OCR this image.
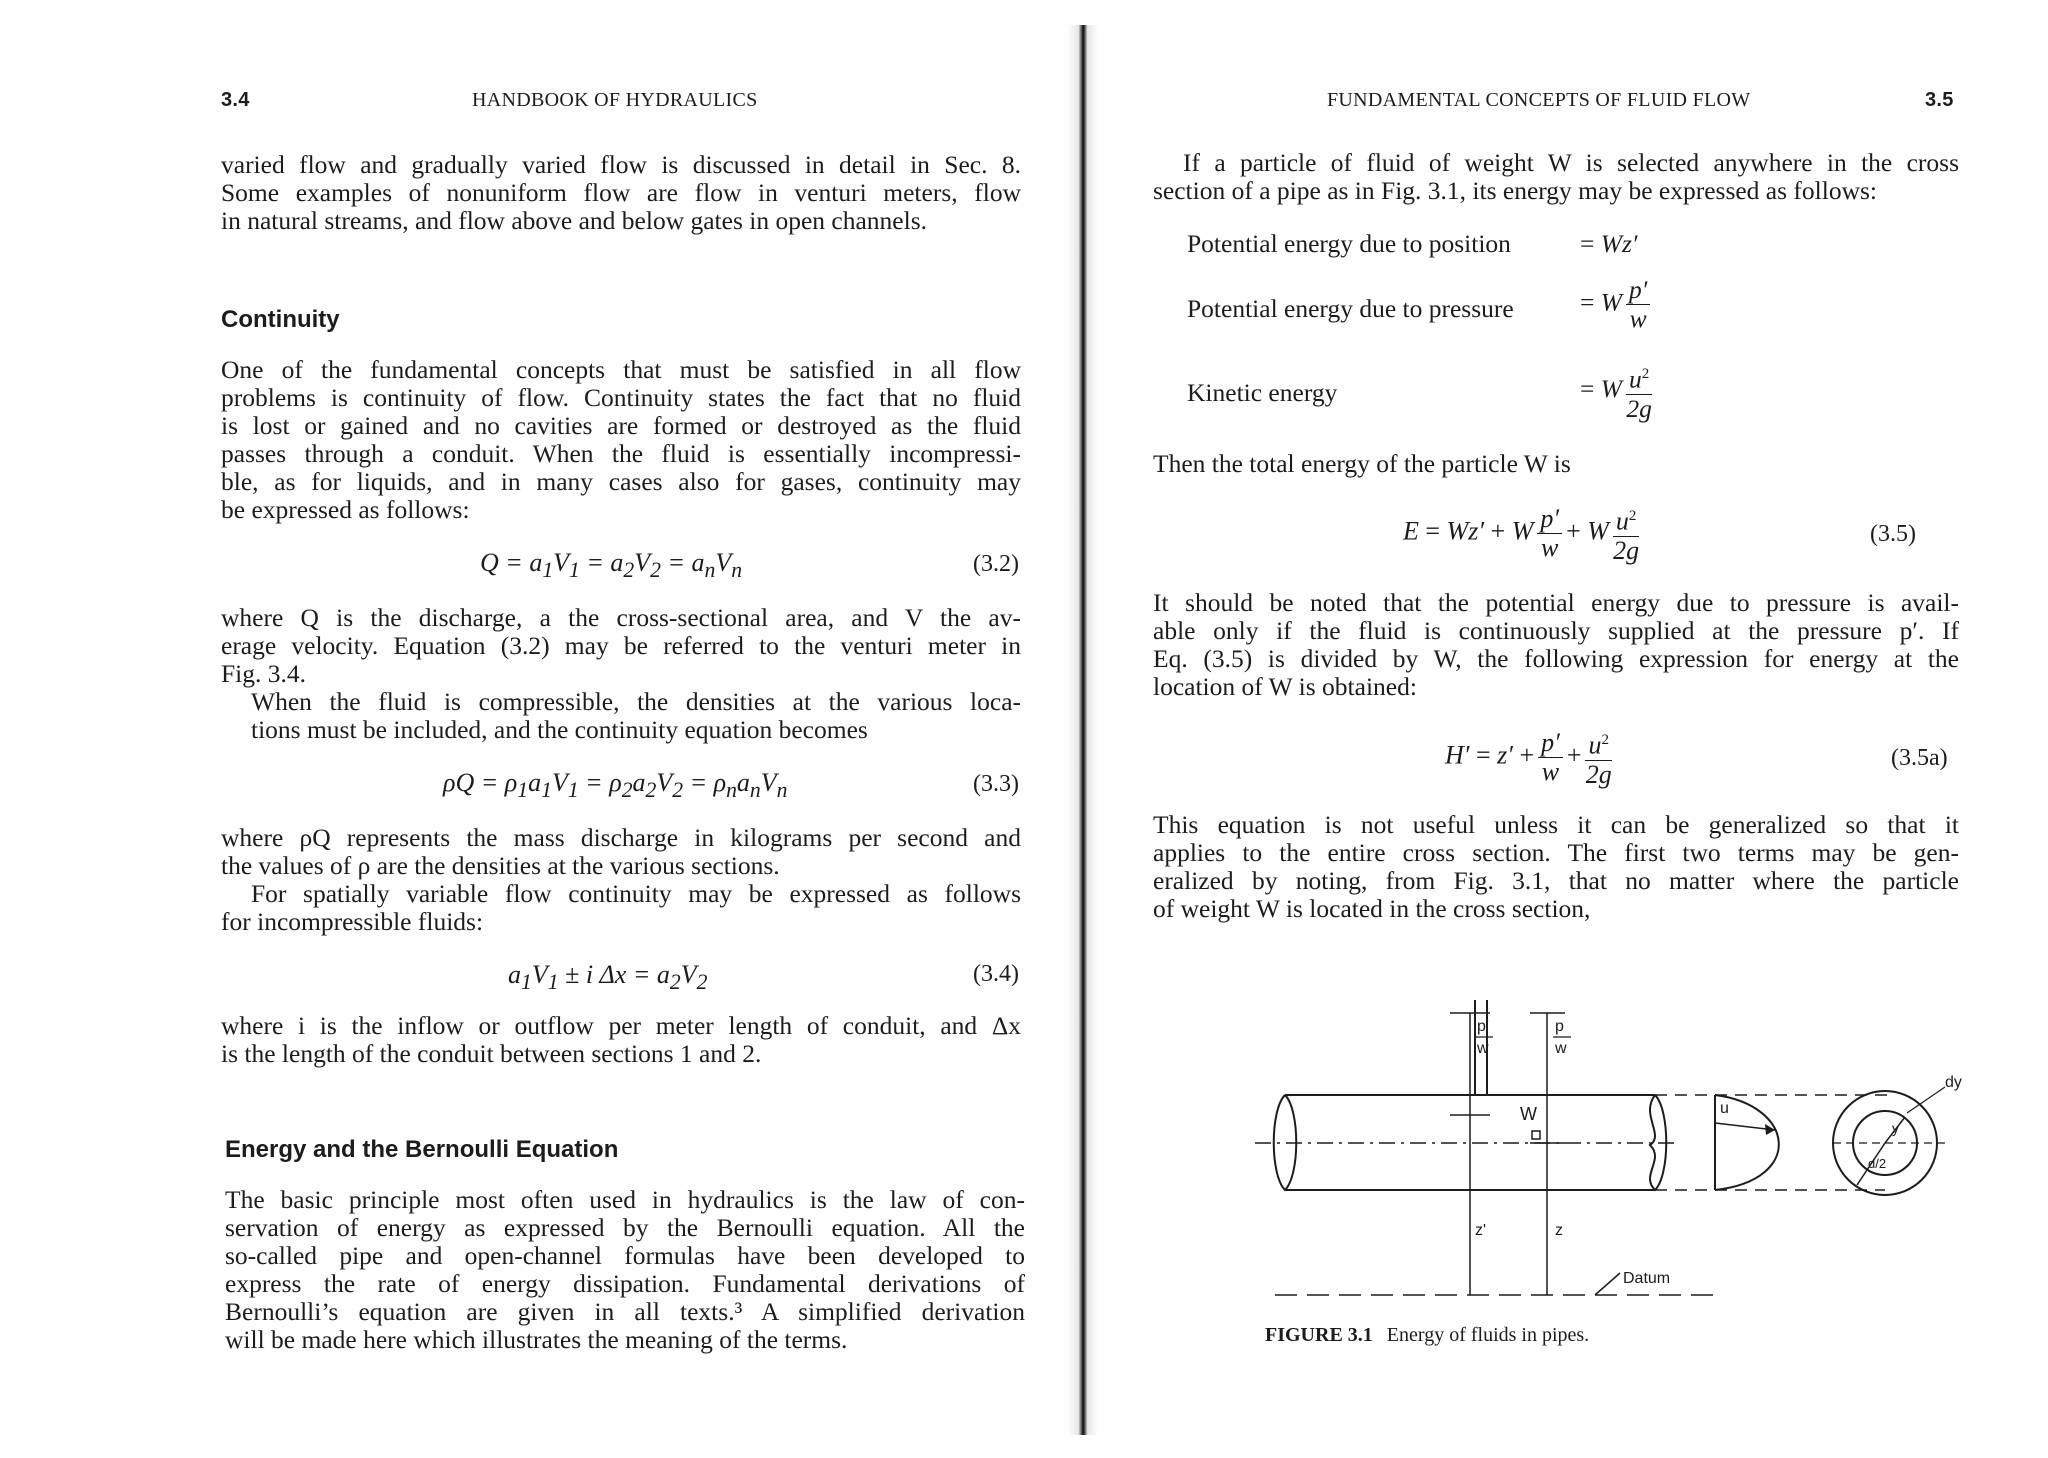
3.4	HANDBOOK OF HYDRAULICS
varied flow and gradually varied flow is discussed in detail in Sec. 8.
Some examples of nonuniform flow are flow in venturi meters, flow
in natural streams, and flow above and below gates in open channels.
Continuity
One of the fundamental concepts that must be satisfied in all flow
problems is continuity of flow. Continuity states the fact that no fluid
is lost or gained and no cavities are formed or destroyed as the fluid
passes through a conduit. When the fluid is essentially incompressi-
ble, as for liquids, and in many cases also for gases, continuity may
be expressed as follows:
$Q = a_1V_1 = a_2V_2 = a_nV_n$	(3.2)
where Q is the discharge, a the cross-sectional area, and V the av-
erage velocity. Equation (3.2) may be referred to the venturi meter in
Fig. 3.4.
When the fluid is compressible, the densities at the various loca-
tions must be included, and the continuity equation becomes
$\rho Q = \rho_1a_1V_1 = \rho_2a_2V_2 = \rho_na_nV_n$	(3.3)
where ρQ represents the mass discharge in kilograms per second and
the values of ρ are the densities at the various sections.
For spatially variable flow continuity may be expressed as follows
for incompressible fluids:
$a_1V_1 \pm i$ $\Delta x = a_2V_2$	(3.4)
where i is the inflow or outflow per meter length of conduit, and Δx
is the length of the conduit between sections 1 and 2.
Energy and the Bernoulli Equation
The basic principle most often used in hydraulics is the law of con-
servation of energy as expressed by the Bernoulli equation. All the
so-called pipe and open-channel formulas have been developed to
express the rate of energy dissipation. Fundamental derivations of
Bernoulli’s equation are given in all texts.³ A simplified derivation
will be made here which illustrates the meaning of the terms.
FUNDAMENTAL CONCEPTS OF FLUID FLOW	3.5
If a particle of fluid of weight W is selected anywhere in the cross
section of a pipe as in Fig. 3.1, its energy may be expressed as follows:
Potential energy due to position	= Wz′
Potential energy due to pressure	= W $\frac{p'}{w}$
Kinetic energy	= W $\frac{u^2}{2g}$
Then the total energy of the particle W is
E = Wz′ + W $\frac{p'}{w} + W \frac{u^2}{2g}$	(3.5)
It should be noted that the potential energy due to pressure is avail-
able only if the fluid is continuously supplied at the pressure p′. If
Eq. (3.5) is divided by W, the following expression for energy at the
location of W is obtained:
$H' = z' + \frac{p'}{w} + \frac{u^2}{2g}$	(3.5a)
This equation is not useful unless it can be generalized so that it
applies to the entire cross section. The first two terms may be gen-
eralized by noting, from Fig. 3.1, that no matter where the particle
of weight W is located in the cross section,
p'
w
p
w
W	u
z'	z
dy
y
d/2
Datum
FIGURE 3.1 Energy of fluids in pipes.
